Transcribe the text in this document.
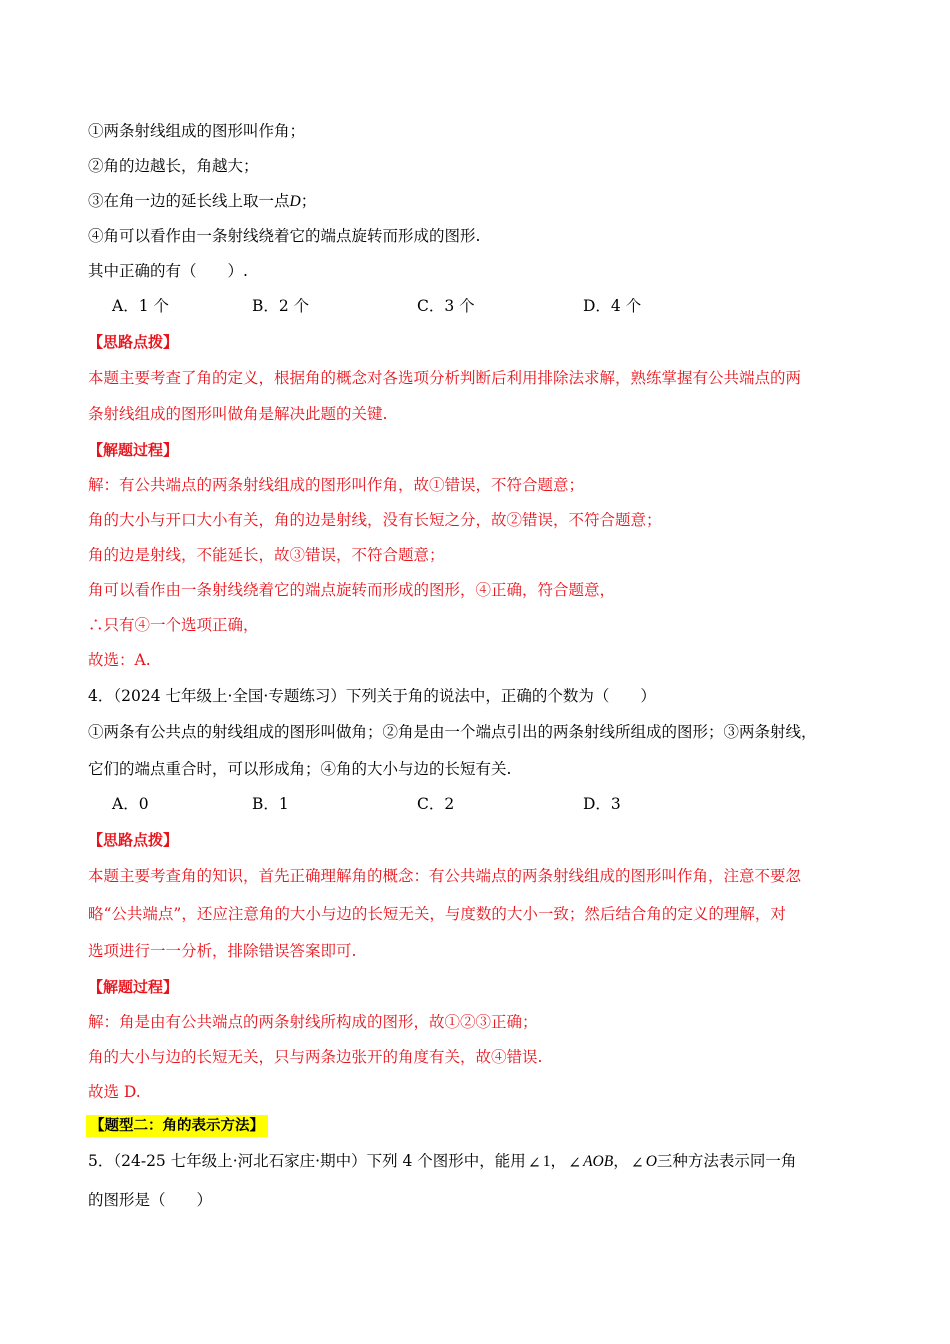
①两条射线组成的图形叫作角；
②角的边越长，角越大；
③在角一边的延长线上取一点D；
④角可以看作由一条射线绕着它的端点旋转而形成的图形.
其中正确的有（　　）.
A．1 个	B．2 个	C．3 个	D．4 个
【思路点拨】
本题主要考查了角的定义，根据角的概念对各选项分析判断后利用排除法求解，熟练掌握有公共端点的两
条射线组成的图形叫做角是解决此题的关键.
【解题过程】
解：有公共端点的两条射线组成的图形叫作角，故①错误，不符合题意；
角的大小与开口大小有关，角的边是射线，没有长短之分，故②错误，不符合题意；
角的边是射线，不能延长，故③错误，不符合题意；
角可以看作由一条射线绕着它的端点旋转而形成的图形，④正确，符合题意，
∴只有④一个选项正确，
故选：A.
4．（2024 七年级上·全国·专题练习）下列关于角的说法中，正确的个数为（　　）
①两条有公共点的射线组成的图形叫做角；②角是由一个端点引出的两条射线所组成的图形；③两条射线，
它们的端点重合时，可以形成角；④角的大小与边的长短有关.
A．0	B．1	C．2	D．3
【思路点拨】
本题主要考查角的知识，首先正确理解角的概念：有公共端点的两条射线组成的图形叫作角，注意不要忽
略“公共端点”，还应注意角的大小与边的长短无关，与度数的大小一致；然后结合角的定义的理解，对
选项进行一一分析，排除错误答案即可.
【解题过程】
解：角是由有公共端点的两条射线所构成的图形，故①②③正确；
角的大小与边的长短无关，只与两条边张开的角度有关，故④错误.
故选 D.
【题型二：角的表示方法】
5．（24-25 七年级上·河北石家庄·期中）下列 4 个图形中，能用 ∠ 1， ∠ AOB， ∠ O三种方法表示同一角
的图形是（　　）
